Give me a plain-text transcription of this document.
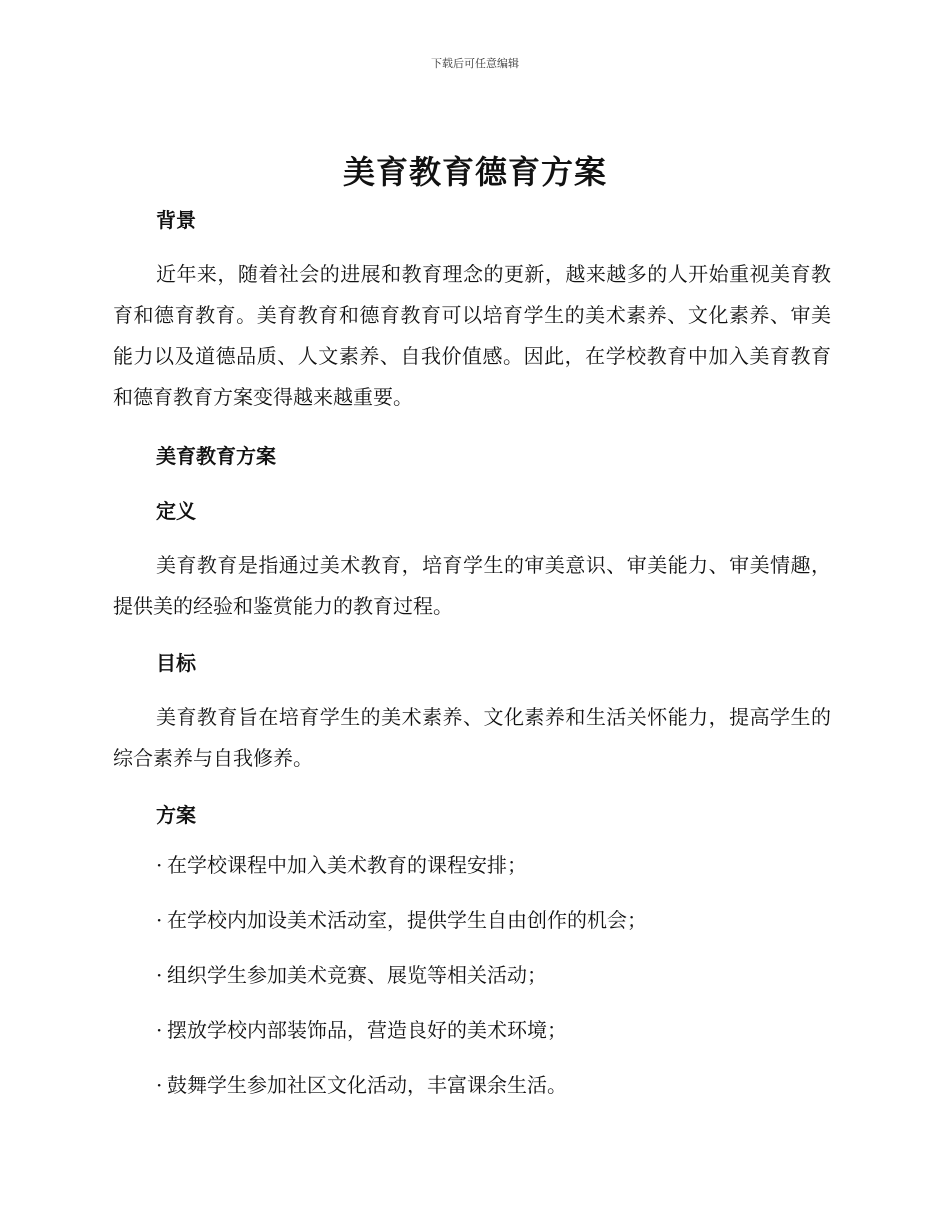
下载后可任意编辑
美育教育德育方案
背景

近年来，随着社会的进展和教育理念的更新，越来越多的人开始重视美育教育和德育教育。美育教育和德育教育可以培育学生的美术素养、文化素养、审美能力以及道德品质、人文素养、自我价值感。因此，在学校教育中加入美育教育和德育教育方案变得越来越重要。

美育教育方案
定义

美育教育是指通过美术教育，培育学生的审美意识、审美能力、审美情趣，提供美的经验和鉴赏能力的教育过程。

目标

美育教育旨在培育学生的美术素养、文化素养和生活关怀能力，提高学生的综合素养与自我修养。

方案
· 在学校课程中加入美术教育的课程安排；
· 在学校内加设美术活动室，提供学生自由创作的机会；
· 组织学生参加美术竞赛、展览等相关活动；
· 摆放学校内部装饰品，营造良好的美术环境；
· 鼓舞学生参加社区文化活动，丰富课余生活。
